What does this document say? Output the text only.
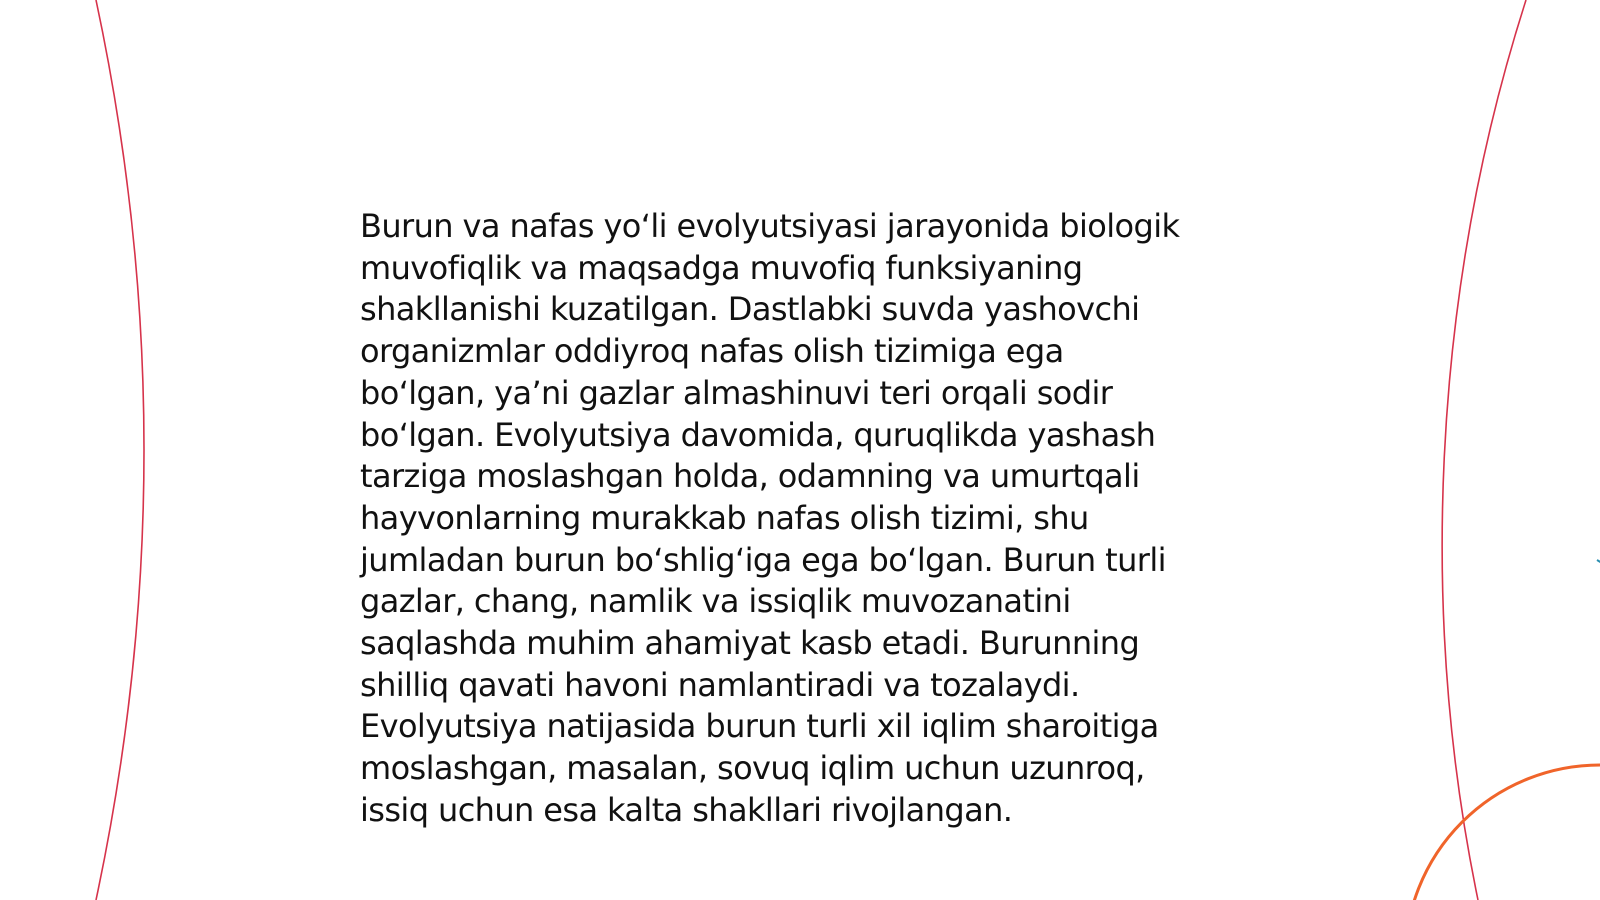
Burun va nafas yo‘li evolyutsiyasi jarayonida biologik
muvofiqlik va maqsadga muvofiq funksiyaning
shakllanishi kuzatilgan. Dastlabki suvda yashovchi
organizmlar oddiyroq nafas olish tizimiga ega
bo‘lgan, ya’ni gazlar almashinuvi teri orqali sodir
bo‘lgan. Evolyutsiya davomida, quruqlikda yashash
tarziga moslashgan holda, odamning va umurtqali
hayvonlarning murakkab nafas olish tizimi, shu
jumladan burun bo‘shlig‘iga ega bo‘lgan. Burun turli
gazlar, chang, namlik va issiqlik muvozanatini
saqlashda muhim ahamiyat kasb etadi. Burunning
shilliq qavati havoni namlantiradi va tozalaydi.
Evolyutsiya natijasida burun turli xil iqlim sharoitiga
moslashgan, masalan, sovuq iqlim uchun uzunroq,
issiq uchun esa kalta shakllari rivojlangan.
